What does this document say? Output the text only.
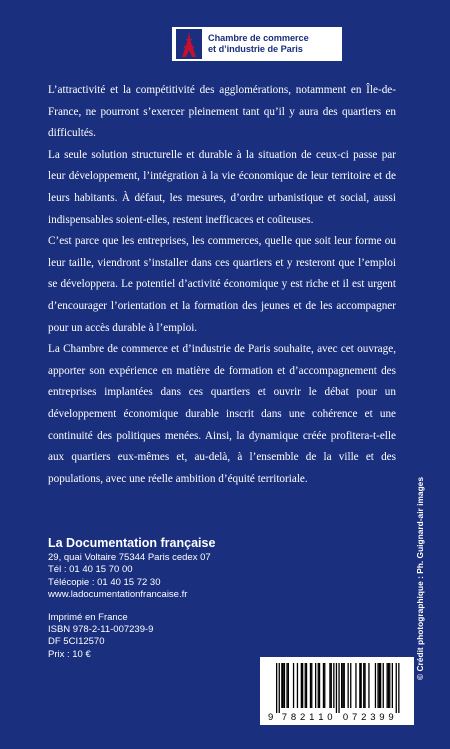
Chambre de commerce
et d’industrie de Paris

L’attractivité et la compétitivité des agglomérations, notamment en Île-de-France, ne pourront s’exercer pleinement tant qu’il y aura des quartiers en difficultés.

La seule solution structurelle et durable à la situation de ceux-ci passe par leur développement, l’intégration à la vie économique de leur territoire et de leurs habitants. À défaut, les mesures, d’ordre urbanistique et social, aussi indispensables soient-elles, restent inefficaces et coûteuses.

C’est parce que les entreprises, les commerces, quelle que soit leur forme ou leur taille, viendront s’installer dans ces quartiers et y resteront que l’emploi se développera. Le potentiel d’activité économique y est riche et il est urgent d’encourager l’orientation et la formation des jeunes et de les accompagner pour un accès durable à l’emploi.

La Chambre de commerce et d’industrie de Paris souhaite, avec cet ouvrage, apporter son expérience en matière de formation et d’accompagnement des entreprises implantées dans ces quartiers et ouvrir le débat pour un développement économique durable inscrit dans une cohérence et une continuité des politiques menées. Ainsi, la dynamique créée profitera-t-elle aux quartiers eux-mêmes et, au-delà, à l’ensemble de la ville et des populations, avec une réelle ambition d’équité territoriale.

La Documentation française
29, quai Voltaire 75344 Paris cedex 07
Tél : 01 40 15 70 00
Télécopie : 01 40 15 72 30
www.ladocumentationfrancaise.fr
Imprimé en France
ISBN 978-2-11-007239-9
DF 5CI12570
Prix : 10 €	© Crédit photographique : Ph. Guignard-air images
9 7 8 2 1 1 0 0 7 2 3 9 9
